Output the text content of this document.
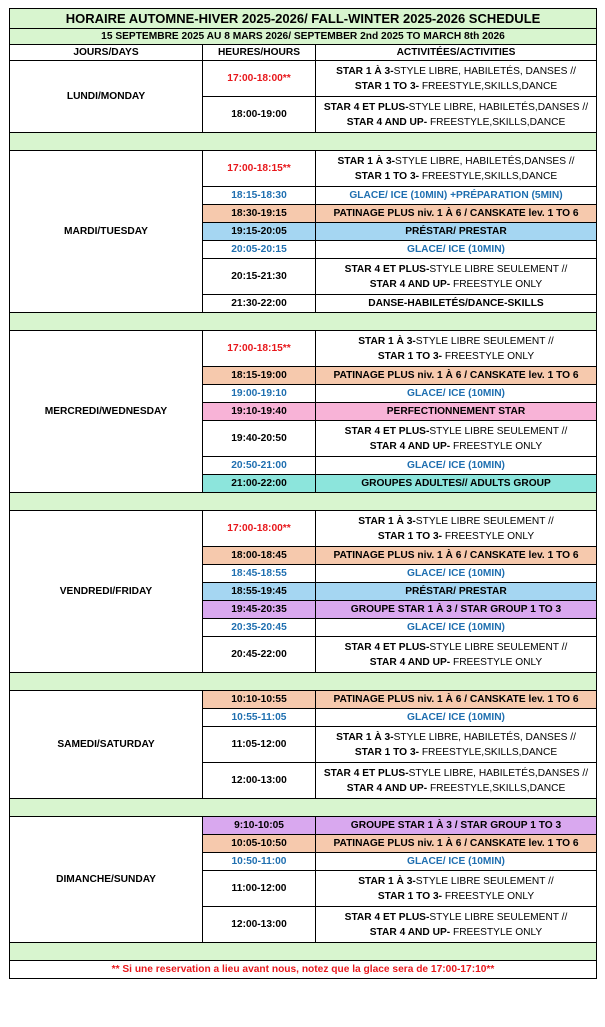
HORAIRE AUTOMNE-HIVER 2025-2026/ FALL-WINTER 2025-2026 SCHEDULE		
15 SEPTEMBRE 2025 AU 8 MARS 2026/ SEPTEMBER 2nd 2025 TO MARCH 8th 2026		
JOURS/DAYS	HEURES/HOURS	ACTIVITÉES/ACTIVITIES
LUNDI/MONDAY	17:00-18:00**	STAR 1 À 3-STYLE LIBRE, HABILETÉS, DANSES //
STAR 1 TO 3- FREESTYLE,SKILLS,DANCE

	18:00-19:00	STAR 4 ET PLUS-STYLE LIBRE, HABILETÉS,DANSES //
STAR 4 AND UP- FREESTYLE,SKILLS,DANCE

MARDI/TUESDAY	17:00-18:15**	STAR 1 À 3-STYLE LIBRE, HABILETÉS,DANSES //
STAR 1 TO 3- FREESTYLE,SKILLS,DANCE

	18:15-18:30	GLACE/ ICE (10MIN) +PRÉPARATION (5MIN)
	18:30-19:15	PATINAGE PLUS niv. 1 À 6 / CANSKATE lev. 1 TO 6
	19:15-20:05	PRÉSTAR/ PRESTAR
	20:05-20:15	GLACE/ ICE (10MIN)
	20:15-21:30	STAR 4 ET PLUS-STYLE LIBRE SEULEMENT //
STAR 4 AND UP- FREESTYLE ONLY

	21:30-22:00	DANSE-HABILETÉS/DANCE-SKILLS

MERCREDI/WEDNESDAY	17:00-18:15**	STAR 1 À 3-STYLE LIBRE SEULEMENT //
STAR 1 TO 3- FREESTYLE ONLY

	18:15-19:00	PATINAGE PLUS niv. 1 À 6 / CANSKATE lev. 1 TO 6
	19:00-19:10	GLACE/ ICE (10MIN)
	19:10-19:40	PERFECTIONNEMENT STAR
	19:40-20:50	STAR 4 ET PLUS-STYLE LIBRE SEULEMENT //
STAR 4 AND UP- FREESTYLE ONLY

	20:50-21:00	GLACE/ ICE (10MIN)
	21:00-22:00	GROUPES ADULTES// ADULTS GROUP

VENDREDI/FRIDAY	17:00-18:00**	STAR 1 À 3-STYLE LIBRE SEULEMENT //
STAR 1 TO 3- FREESTYLE ONLY

	18:00-18:45	PATINAGE PLUS niv. 1 À 6 / CANSKATE lev. 1 TO 6
	18:45-18:55	GLACE/ ICE (10MIN)
	18:55-19:45	PRÉSTAR/ PRESTAR
	19:45-20:35	GROUPE STAR 1 À 3 / STAR GROUP 1 TO 3
	20:35-20:45	GLACE/ ICE (10MIN)
	20:45-22:00	STAR 4 ET PLUS-STYLE LIBRE SEULEMENT //
STAR 4 AND UP- FREESTYLE ONLY

SAMEDI/SATURDAY	10:10-10:55	PATINAGE PLUS niv. 1 À 6 / CANSKATE lev. 1 TO 6
	10:55-11:05	GLACE/ ICE (10MIN)
	11:05-12:00	STAR 1 À 3-STYLE LIBRE, HABILETÉS, DANSES //
STAR 1 TO 3- FREESTYLE,SKILLS,DANCE

	12:00-13:00	STAR 4 ET PLUS-STYLE LIBRE, HABILETÉS,DANSES //
STAR 4 AND UP- FREESTYLE,SKILLS,DANCE

DIMANCHE/SUNDAY	9:10-10:05	GROUPE STAR 1 À 3 / STAR GROUP 1 TO 3
	10:05-10:50	PATINAGE PLUS niv. 1 À 6 / CANSKATE lev. 1 TO 6
	10:50-11:00	GLACE/ ICE (10MIN)
	11:00-12:00	STAR 1 À 3-STYLE LIBRE SEULEMENT //
STAR 1 TO 3- FREESTYLE ONLY

	12:00-13:00	STAR 4 ET PLUS-STYLE LIBRE SEULEMENT //
STAR 4 AND UP- FREESTYLE ONLY

** Si une reservation a lieu avant nous, notez que la glace sera de 17:00-17:10**		
